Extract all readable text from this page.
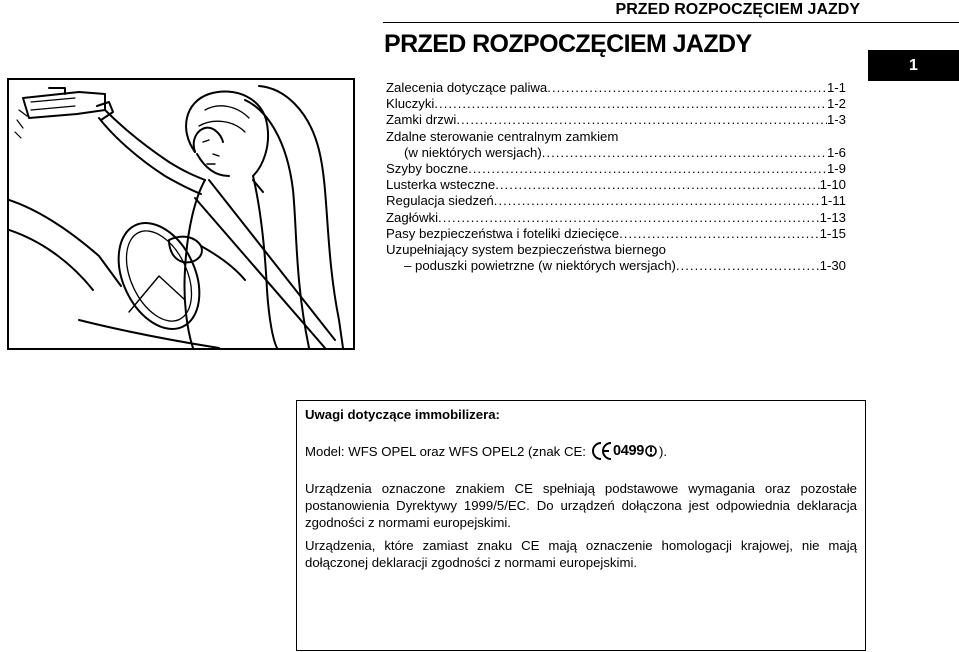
PRZED ROZPOCZĘCIEM JAZDY
PRZED ROZPOCZĘCIEM JAZDY
1
Zalecenia dotyczące paliwa .....	1-1
Kluczyki .....	1-2
Zamki drzwi .....	1-3
Zdalne sterowanie centralnym zamkiem
(w niektórych wersjach) .....	1-6
Szyby boczne .....	1-9
Lusterka wsteczne .....	1-10
Regulacja siedzeń .....	1-11
Zagłówki .....	1-13
Pasy bezpieczeństwa i foteliki dziecięce .....	1-15
Uzupełniający system bezpieczeństwa biernego
– poduszki powietrzne (w niektórych wersjach) .....	1-30
Uwagi dotyczące immobilizera:
Model: WFS OPEL oraz WFS OPEL2 (znak CE: 0499 ).
Urządzenia oznaczone znakiem CE spełniają podstawowe wymagania oraz pozostałe postanowienia Dyrektywy 1999/5/EC. Do urządzeń dołączona jest odpowiednia deklaracja zgodności z normami europejskimi.
Urządzenia, które zamiast znaku CE mają oznaczenie homologacji krajowej, nie mają dołączonej deklaracji zgodności z normami europejskimi.
